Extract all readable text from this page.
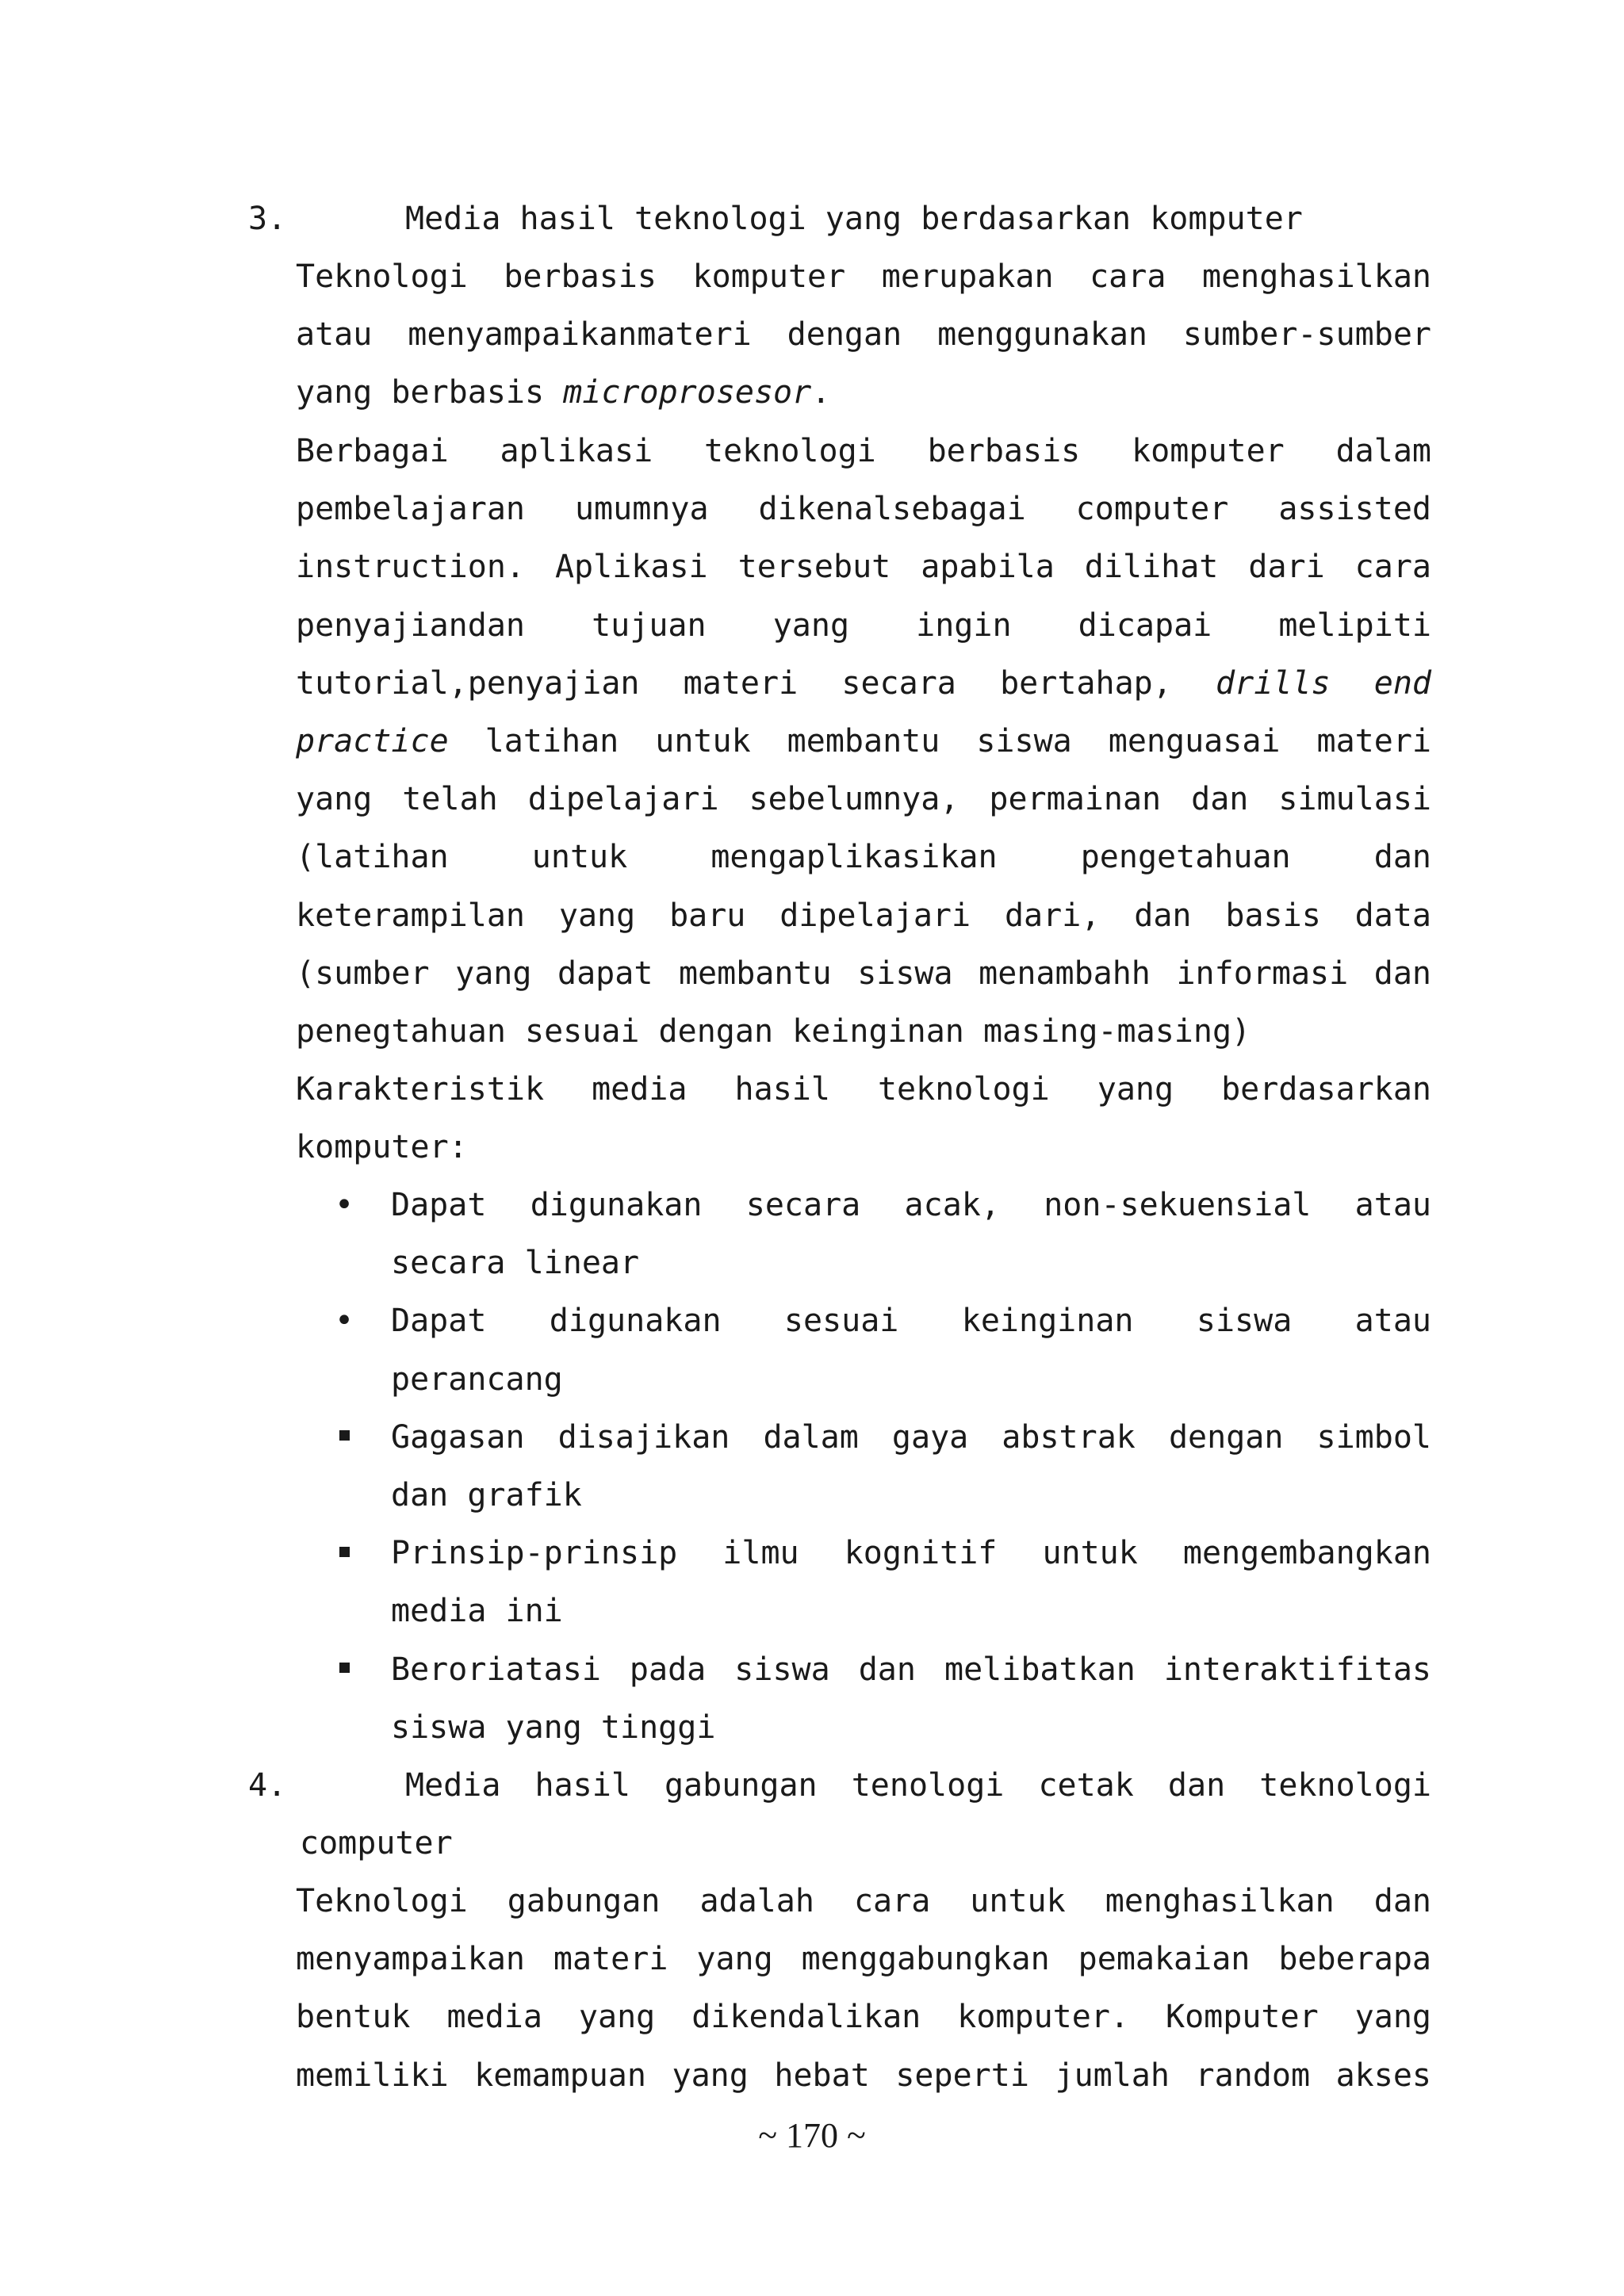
3.	Media hasil teknologi yang berdasarkan komputer

Teknologi berbasis komputer merupakan cara menghasilkan
atau menyampaikanmateri dengan menggunakan sumber-sumber
yang berbasis microprosesor.

Berbagai aplikasi teknologi berbasis komputer dalam
pembelajaran umumnya dikenalsebagai computer assisted
instruction. Aplikasi tersebut apabila dilihat dari cara
penyajiandan tujuan yang ingin dicapai melipiti
tutorial,penyajian materi secara bertahap, drills end
practice latihan untuk membantu siswa menguasai materi
yang telah dipelajari sebelumnya, permainan dan simulasi
(latihan untuk mengaplikasikan pengetahuan dan
keterampilan yang baru dipelajari dari, dan basis data
(sumber yang dapat membantu siswa menambahh informasi dan
penegtahuan sesuai dengan keinginan masing-masing)

Karakteristik media hasil teknologi yang berdasarkan
komputer:

•
Dapat digunakan secara acak, non-sekuensial atau
secara linear
•
Dapat digunakan sesuai keinginan siswa atau
perancang
Gagasan disajikan dalam gaya abstrak dengan simbol
dan grafik
Prinsip-prinsip ilmu kognitif untuk mengembangkan
media ini
Beroriatasi pada siswa dan melibatkan interaktifitas
siswa yang tinggi

4.	Media hasil gabungan tenologi cetak dan teknologi
computer

Teknologi gabungan adalah cara untuk menghasilkan dan
menyampaikan materi yang menggabungkan pemakaian beberapa
bentuk media yang dikendalikan komputer. Komputer yang
memiliki kemampuan yang hebat seperti jumlah random akses

~ 170 ~
